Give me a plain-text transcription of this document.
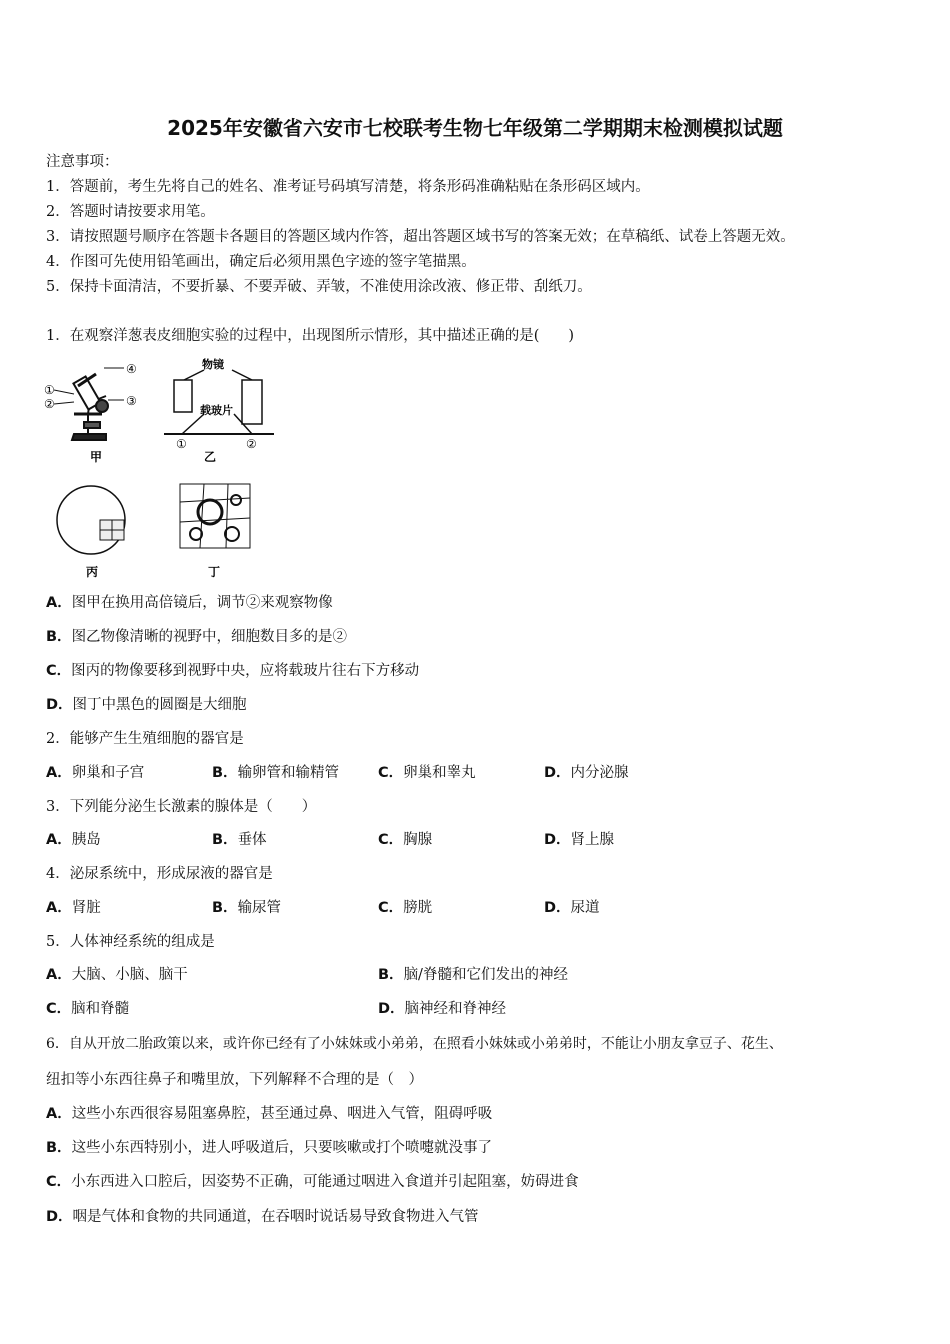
2025年安徽省六安市七校联考生物七年级第二学期期末检测模拟试题
注意事项：
1．答题前，考生先将自己的姓名、准考证号码填写清楚，将条形码准确粘贴在条形码区域内。
2．答题时请按要求用笔。
3．请按照题号顺序在答题卡各题目的答题区域内作答，超出答题区域书写的答案无效；在草稿纸、试卷上答题无效。
4．作图可先使用铅笔画出，确定后必须用黑色字迹的签字笔描黑。
5．保持卡面清洁，不要折暴、不要弄破、弄皱，不准使用涂改液、修正带、刮纸刀。
1．在观察洋葱表皮细胞实验的过程中，出现图所示情形，其中描述正确的是(　　)
④
①
②	③
甲
物镜
载玻片
①	②
乙
丙	丁
A．图甲在换用高倍镜后，调节②来观察物像
B．图乙物像清晰的视野中，细胞数目多的是②
C．图丙的物像要移到视野中央，应将载玻片往右下方移动
D．图丁中黑色的圆圈是大细胞
2．能够产生生殖细胞的器官是
A．卵巢和子宫	B．输卵管和输精管	C．卵巢和睾丸	D．内分泌腺
3．下列能分泌生长激素的腺体是（　　）
A．胰岛	B．垂体	C．胸腺	D．肾上腺
4．泌尿系统中，形成尿液的器官是
A．肾脏	B．输尿管	C．膀胱	D．尿道
5．人体神经系统的组成是
A．大脑、小脑、脑干	B．脑/脊髓和它们发出的神经
C．脑和脊髓	D．脑神经和脊神经
6．自从开放二胎政策以来，或许你已经有了小妹妹或小弟弟，在照看小妹妹或小弟弟时，不能让小朋友拿豆子、花生、
纽扣等小东西往鼻子和嘴里放，下列解释不合理的是（　）
A．这些小东西很容易阻塞鼻腔，甚至通过鼻、咽进入气管，阻碍呼吸
B．这些小东西特别小，进人呼吸道后，只要咳嗽或打个喷嚏就没事了
C．小东西进入口腔后，因姿势不正确，可能通过咽进入食道并引起阻塞，妨碍进食
D．咽是气体和食物的共同通道，在吞咽时说话易导致食物进入气管
